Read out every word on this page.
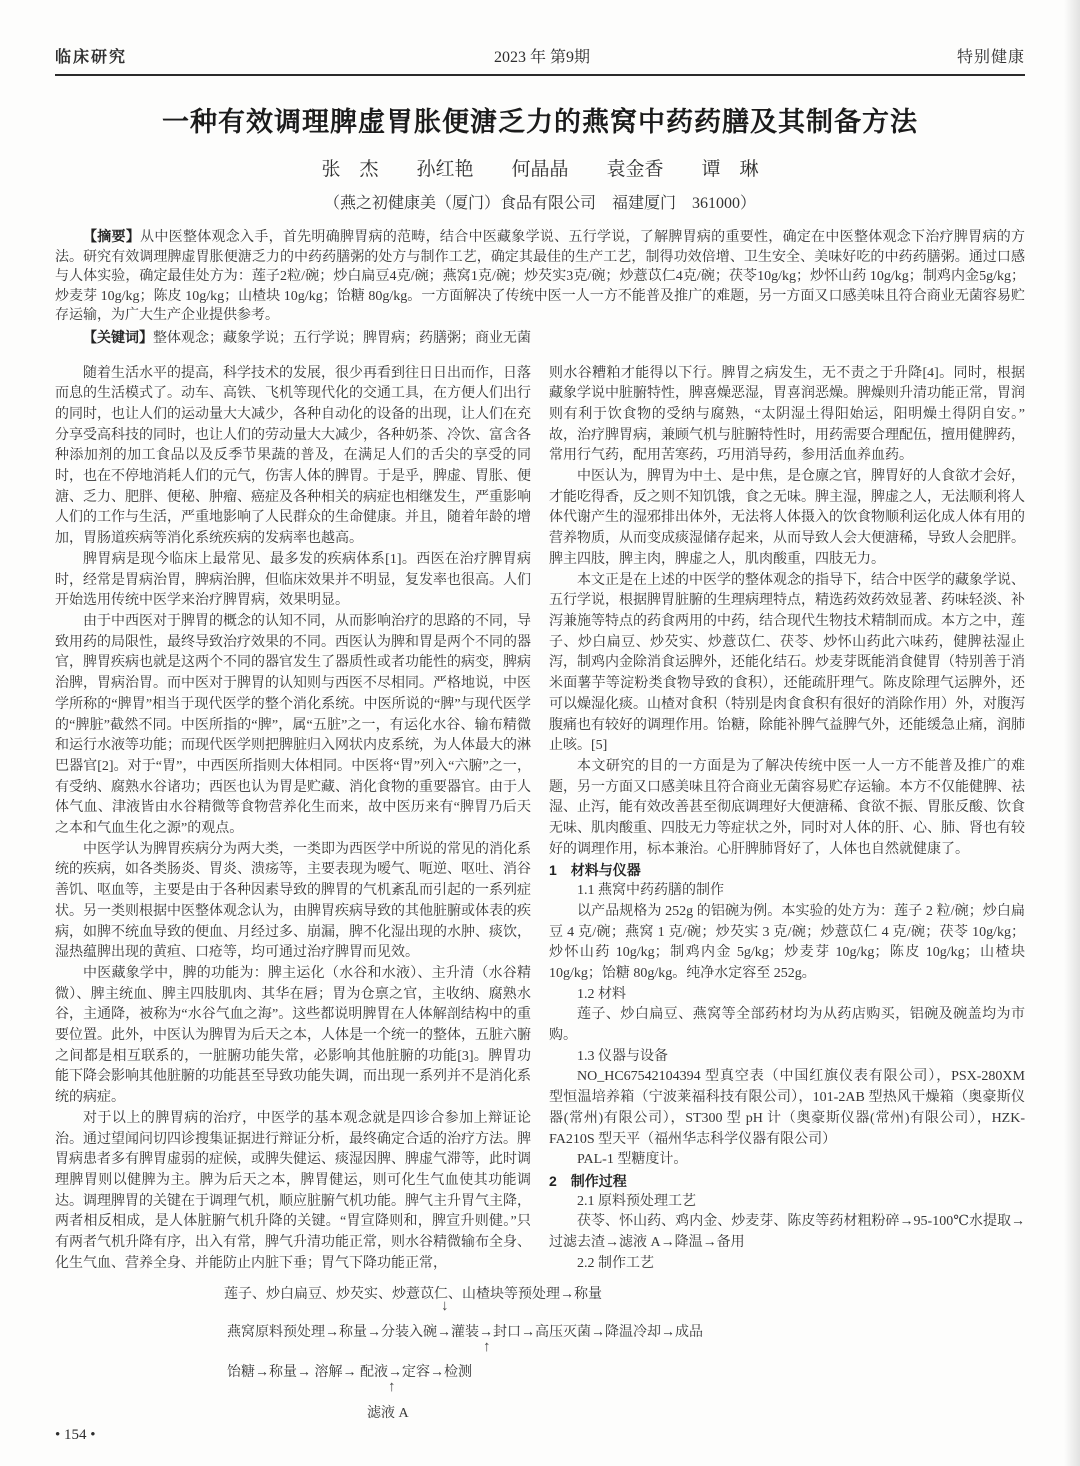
临床研究	2023 年 第9期	特别健康
一种有效调理脾虚胃胀便溏乏力的燕窝中药药膳及其制备方法
张　杰　　孙红艳　　何晶晶　　袁金香　　谭　琳
（燕之初健康美（厦门）食品有限公司　福建厦门　361000）

【摘要】从中医整体观念入手，首先明确脾胃病的范畴，结合中医藏象学说、五行学说，了解脾胃病的重要性，确定在中医整体观念下治疗脾胃病的方法。研究有效调理脾虚胃胀便溏乏力的中药药膳粥的处方与制作工艺，确定其最佳的生产工艺，制得功效倍增、卫生安全、美味好吃的中药药膳粥。通过口感与人体实验，确定最佳处方为：莲子2粒/碗；炒白扁豆4克/碗；燕窝1克/碗；炒芡实3克/碗；炒薏苡仁4克/碗；茯苓10g/kg；炒怀山药 10g/kg；制鸡内金5g/kg；炒麦芽 10g/kg；陈皮 10g/kg；山楂块 10g/kg；饴糖 80g/kg。一方面解决了传统中医一人一方不能普及推广的难题，另一方面又口感美味且符合商业无菌容易贮存运输，为广大生产企业提供参考。

【关键词】整体观念；藏象学说；五行学说；脾胃病；药膳粥；商业无菌

随着生活水平的提高，科学技术的发展，很少再看到往日日出而作，日落而息的生活模式了。动车、高铁、飞机等现代化的交通工具，在方便人们出行的同时，也让人们的运动量大大减少，各种自动化的设备的出现，让人们在充分享受高科技的同时，也让人们的劳动量大大减少，各种奶茶、冷饮、富含各种添加剂的加工食品以及反季节果蔬的普及，在满足人们的舌尖的享受的同时，也在不停地消耗人们的元气，伤害人体的脾胃。于是乎，脾虚、胃胀、便溏、乏力、肥胖、便秘、肿瘤、癌症及各种相关的病症也相继发生，严重影响人们的工作与生活，严重地影响了人民群众的生命健康。并且，随着年龄的增加，胃肠道疾病等消化系统疾病的发病率也越高。

脾胃病是现今临床上最常见、最多发的疾病体系[1]。西医在治疗脾胃病时，经常是胃病治胃，脾病治脾，但临床效果并不明显，复发率也很高。人们开始选用传统中医学来治疗脾胃病，效果明显。

由于中西医对于脾胃的概念的认知不同，从而影响治疗的思路的不同，导致用药的局限性，最终导致治疗效果的不同。西医认为脾和胃是两个不同的器官，脾胃疾病也就是这两个不同的器官发生了器质性或者功能性的病变，脾病治脾，胃病治胃。而中医对于脾胃的认知则与西医不尽相同。严格地说，中医学所称的“脾胃”相当于现代医学的整个消化系统。中医所说的“脾”与现代医学的“脾脏”截然不同。中医所指的“脾”，属“五脏”之一，有运化水谷、输布精微和运行水液等功能；而现代医学则把脾脏归入网状内皮系统，为人体最大的淋巴器官[2]。对于“胃”，中西医所指则大体相同。中医将“胃”列入“六腑”之一，有受纳、腐熟水谷诸功；西医也认为胃是贮藏、消化食物的重要器官。由于人体气血、津液皆由水谷精微等食物营养化生而来，故中医历来有“脾胃乃后天之本和气血生化之源”的观点。

中医学认为脾胃疾病分为两大类，一类即为西医学中所说的常见的消化系统的疾病，如各类肠炎、胃炎、溃疡等，主要表现为嗳气、呃逆、呕吐、消谷善饥、呕血等，主要是由于各种因素导致的脾胃的气机紊乱而引起的一系列症状。另一类则根据中医整体观念认为，由脾胃疾病导致的其他脏腑或体表的疾病，如脾不统血导致的便血、月经过多、崩漏，脾不化湿出现的水肿、痰饮，湿热蕴脾出现的黄疸、口疮等，均可通过治疗脾胃而见效。

中医藏象学中，脾的功能为：脾主运化（水谷和水液）、主升清（水谷精微）、脾主统血、脾主四肢肌肉、其华在唇；胃为仓禀之官，主收纳、腐熟水谷，主通降，被称为“水谷气血之海”。这些都说明脾胃在人体解剖结构中的重要位置。此外，中医认为脾胃为后天之本，人体是一个统一的整体，五脏六腑之间都是相互联系的，一脏腑功能失常，必影响其他脏腑的功能[3]。脾胃功能下降会影响其他脏腑的功能甚至导致功能失调，而出现一系列并不是消化系统的病症。

对于以上的脾胃病的治疗，中医学的基本观念就是四诊合参加上辩证论治。通过望闻问切四诊搜集证据进行辩证分析，最终确定合适的治疗方法。脾胃病患者多有脾胃虚弱的症候，或脾失健运、痰湿因脾、脾虚气滞等，此时调理脾胃则以健脾为主。脾为后天之本，脾胃健运，则可化生气血使其功能调达。调理脾胃的关键在于调理气机，顺应脏腑气机功能。脾气主升胃气主降，两者相反相成，是人体脏腑气机升降的关键。“胃宣降则和，脾宣升则健。”只有两者气机升降有序，出入有常，脾气升清功能正常，则水谷精微输布全身、化生气血、营养全身、并能防止内脏下垂；胃气下降功能正常，

则水谷糟粕才能得以下行。脾胃之病发生，无不责之于升降[4]。同时，根据藏象学说中脏腑特性，脾喜燥恶湿，胃喜润恶燥。脾燥则升清功能正常，胃润则有利于饮食物的受纳与腐熟，“太阴湿土得阳始运，阳明燥土得阴自安。”故，治疗脾胃病，兼顾气机与脏腑特性时，用药需要合理配伍，擅用健脾药，常用行气药，配用苦寒药，巧用消导药，参用活血养血药。

中医认为，脾胃为中土、是中焦，是仓廪之官，脾胃好的人食欲才会好，才能吃得香，反之则不知饥饿，食之无味。脾主湿，脾虚之人，无法顺利将人体代谢产生的湿邪排出体外，无法将人体摄入的饮食物顺利运化成人体有用的营养物质，从而变成痰湿储存起来，从而导致人会大便溏稀，导致人会肥胖。脾主四肢，脾主肉，脾虚之人，肌肉酸重，四肢无力。

本文正是在上述的中医学的整体观念的指导下，结合中医学的藏象学说、五行学说，根据脾胃脏腑的生理病理特点，精选药效药效显著、药味轻淡、补泻兼施等特点的药食两用的中药，结合现代生物技术精制而成。本方之中，莲子、炒白扁豆、炒芡实、炒薏苡仁、茯苓、炒怀山药此六味药，健脾祛湿止泻，制鸡内金除消食运脾外，还能化结石。炒麦芽既能消食健胃（特别善于消米面薯芋等淀粉类食物导致的食积），还能疏肝理气。陈皮除理气运脾外，还可以燥湿化痰。山楂对食积（特别是肉食食积有很好的消除作用）外，对腹泻腹痛也有较好的调理作用。饴糖，除能补脾气益脾气外，还能缓急止痛，润肺止咳。[5]

本文研究的目的一方面是为了解决传统中医一人一方不能普及推广的难题，另一方面又口感美味且符合商业无菌容易贮存运输。本方不仅能健脾、祛湿、止泻，能有效改善甚至彻底调理好大便溏稀、食欲不振、胃胀反酸、饮食无味、肌肉酸重、四肢无力等症状之外，同时对人体的肝、心、肺、肾也有较好的调理作用，标本兼治。心肝脾肺肾好了，人体也自然就健康了。

1　材料与仪器

1.1 燕窝中药药膳的制作

以产品规格为 252g 的铝碗为例。本实验的处方为：莲子 2 粒/碗；炒白扁豆 4 克/碗；燕窝 1 克/碗；炒芡实 3 克/碗；炒薏苡仁 4 克/碗；茯苓 10g/kg；炒怀山药 10g/kg；制鸡内金 5g/kg；炒麦芽 10g/kg；陈皮 10g/kg；山楂块 10g/kg；饴糖 80g/kg。纯净水定容至 252g。

1.2 材料

莲子、炒白扁豆、燕窝等全部药材均为从药店购买，铝碗及碗盖均为市购。

1.3 仪器与设备

NO_HC67542104394 型真空表（中国红旗仪表有限公司），PSX-280XM 型恒温培养箱（宁波莱福科技有限公司），101-2AB 型热风干燥箱（奥豪斯仪器(常州)有限公司），ST300 型 pH 计（奥豪斯仪器(常州)有限公司），HZK-FA210S 型天平（福州华志科学仪器有限公司）

PAL-1 型糖度计。

2　制作过程

2.1 原料预处理工艺

茯苓、怀山药、鸡内金、炒麦芽、陈皮等药材粗粉碎→95-100℃水提取→过滤去渣→滤液 A→降温→备用

2.2 制作工艺

莲子、炒白扁豆、炒芡实、炒薏苡仁、山楂块等预处理→称量
↓
燕窝原料预处理→称量→分装入碗→灌装→封口→高压灭菌→降温冷却→成品
↑
饴糖→称量→ 溶解→ 配液→定容→检测
↑
滤液 A
• 154 •
